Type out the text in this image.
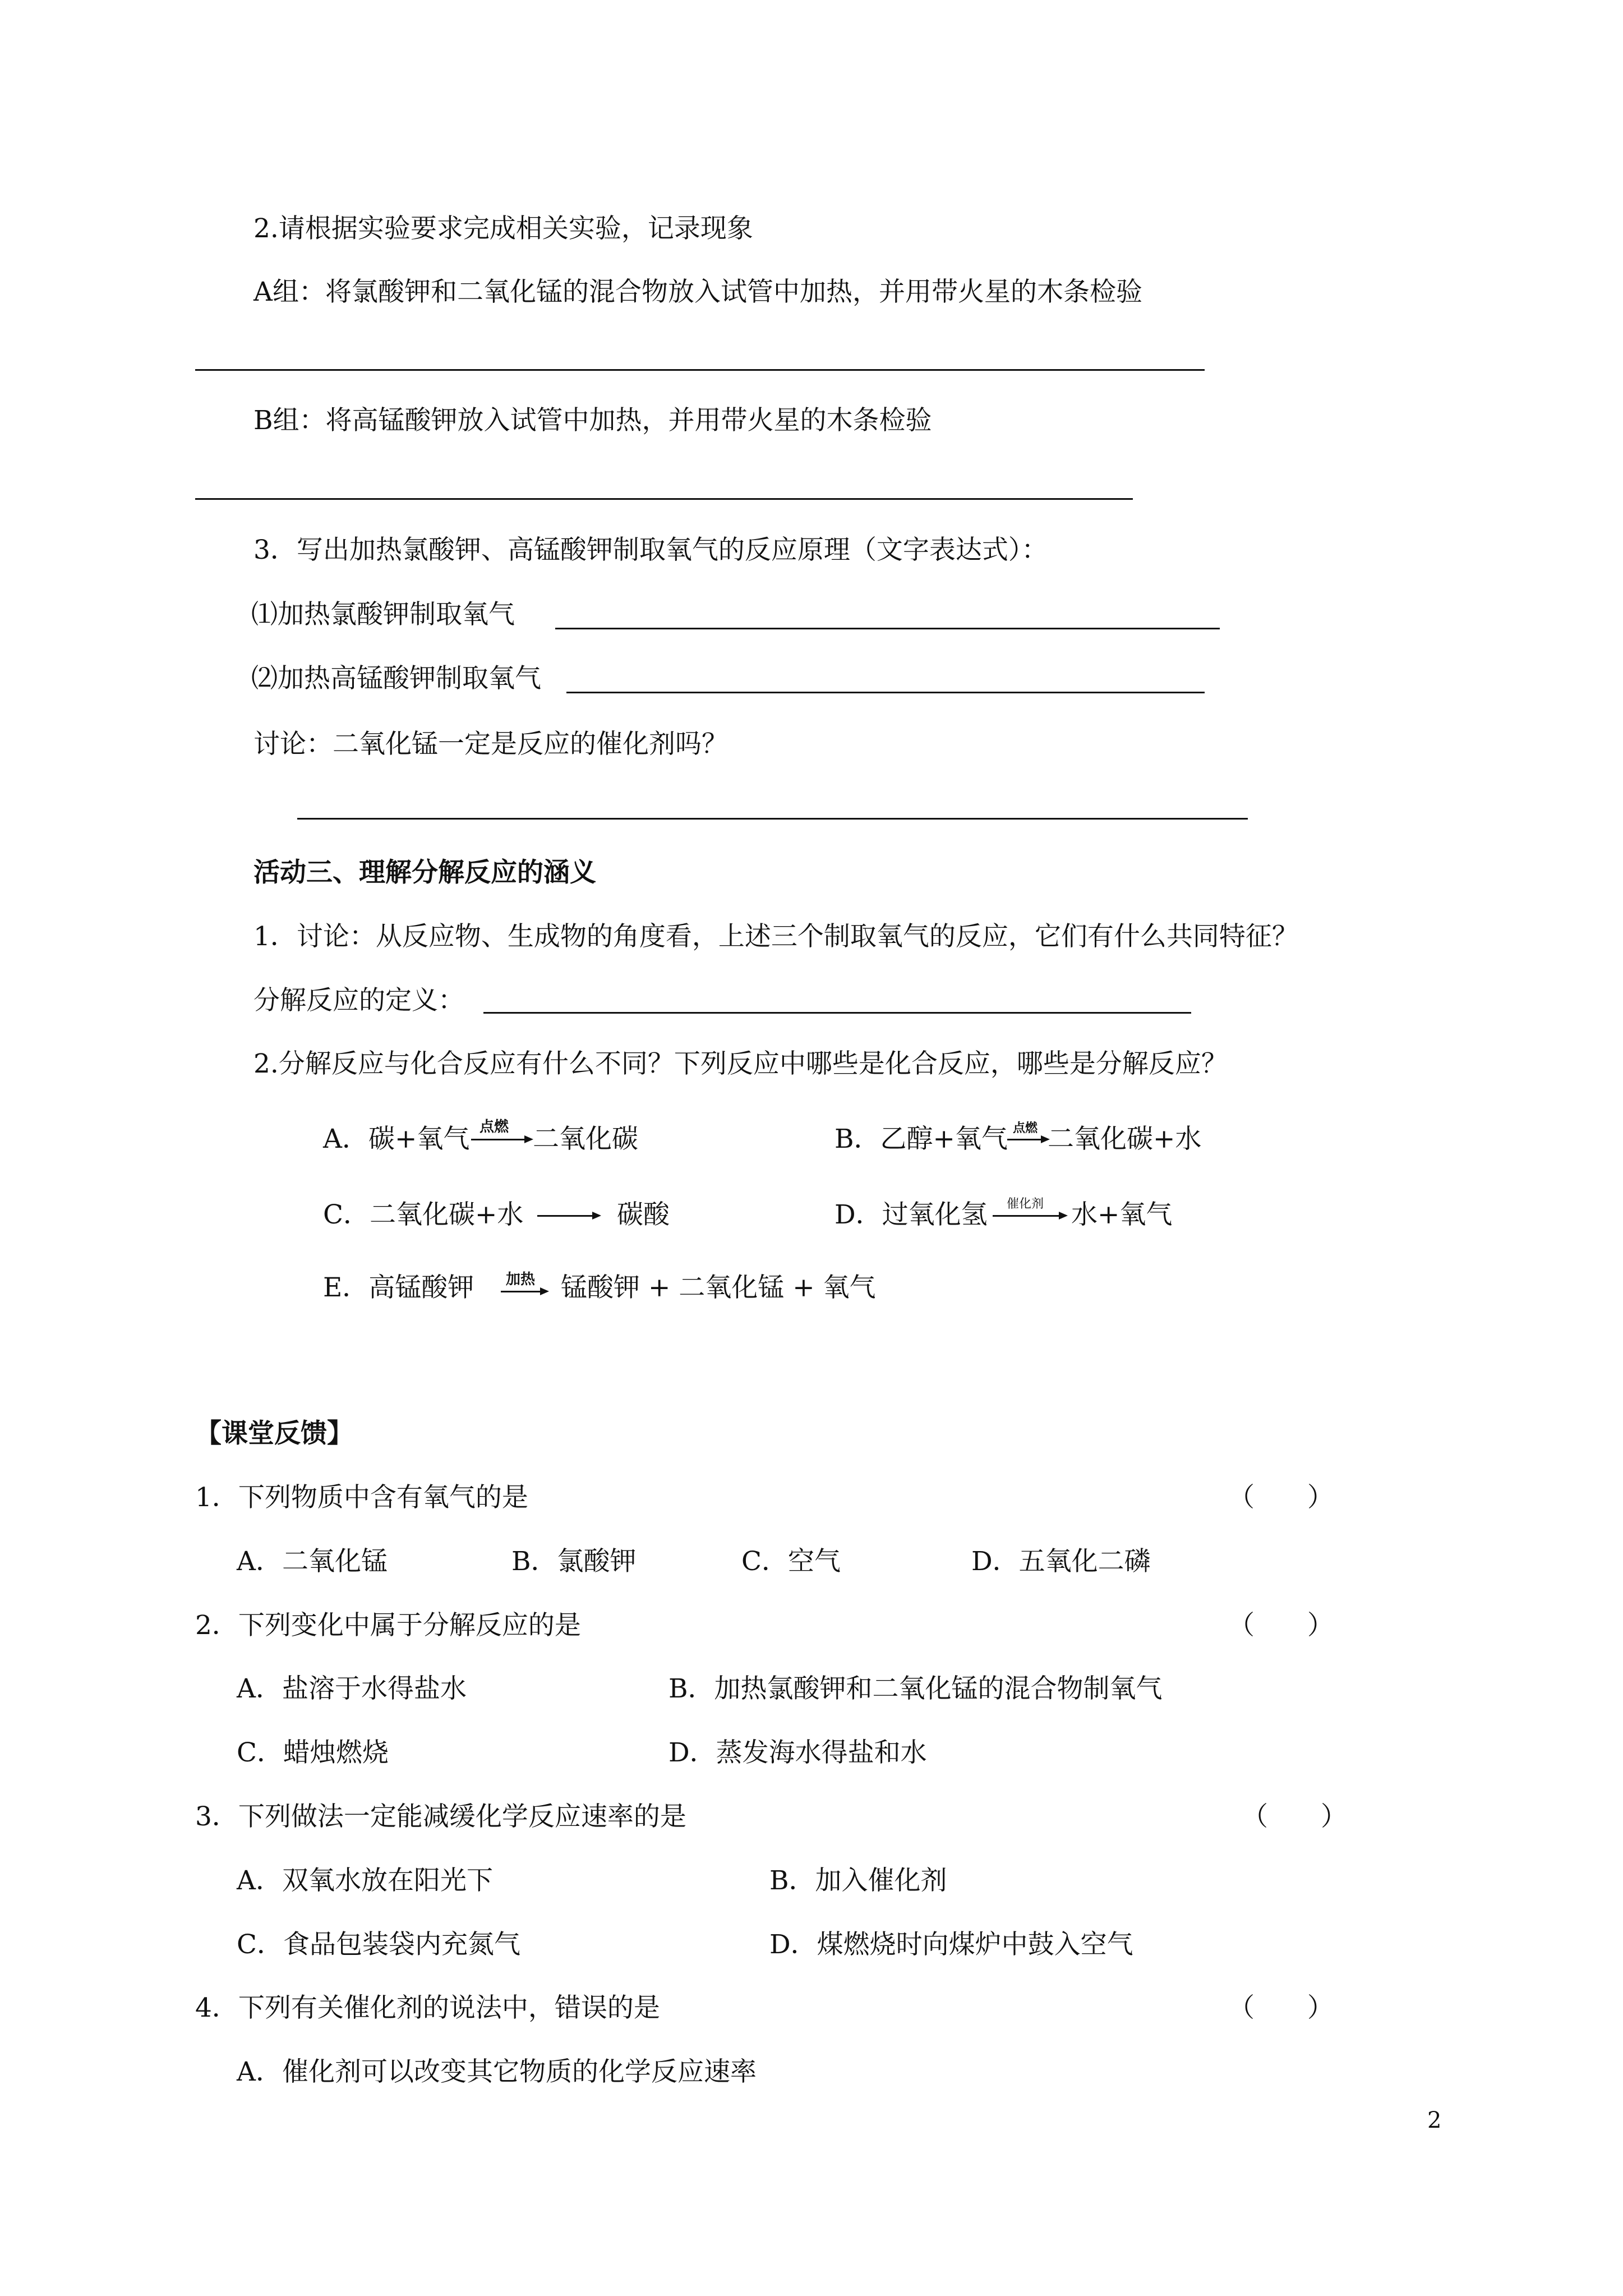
2.请根据实验要求完成相关实验，记录现象
A组：将氯酸钾和二氧化锰的混合物放入试管中加热，并用带火星的木条检验
B组：将高锰酸钾放入试管中加热，并用带火星的木条检验
3．写出加热氯酸钾、高锰酸钾制取氧气的反应原理（文字表达式）：
⑴加热氯酸钾制取氧气
⑵加热高锰酸钾制取氧气
讨论：二氧化锰一定是反应的催化剂吗？
活动三、理解分解反应的涵义
1．讨论：从反应物、生成物的角度看，上述三个制取氧气的反应，它们有什么共同特征？
分解反应的定义：
2.分解反应与化合反应有什么不同？下列反应中哪些是化合反应，哪些是分解反应？
A．碳+氧气 点燃 二氧化碳	B．乙醇+氧气 点燃 二氧化碳+水
C．二氧化碳+水	碳酸	D．过氧化氢 催化剂 水+氧气
E．高锰酸钾 加热 锰酸钾 + 二氧化锰 + 氧气
【课堂反馈】
1．下列物质中含有氧气的是	（　　）
A．二氧化锰	B．氯酸钾	C．空气	D．五氧化二磷
2．下列变化中属于分解反应的是	（　　）
A．盐溶于水得盐水	B．加热氯酸钾和二氧化锰的混合物制氧气
C．蜡烛燃烧	D．蒸发海水得盐和水
3．下列做法一定能减缓化学反应速率的是	（　　）
A．双氧水放在阳光下	B．加入催化剂
C．食品包装袋内充氮气	D．煤燃烧时向煤炉中鼓入空气
4．下列有关催化剂的说法中，错误的是	（　　）
A．催化剂可以改变其它物质的化学反应速率
2
